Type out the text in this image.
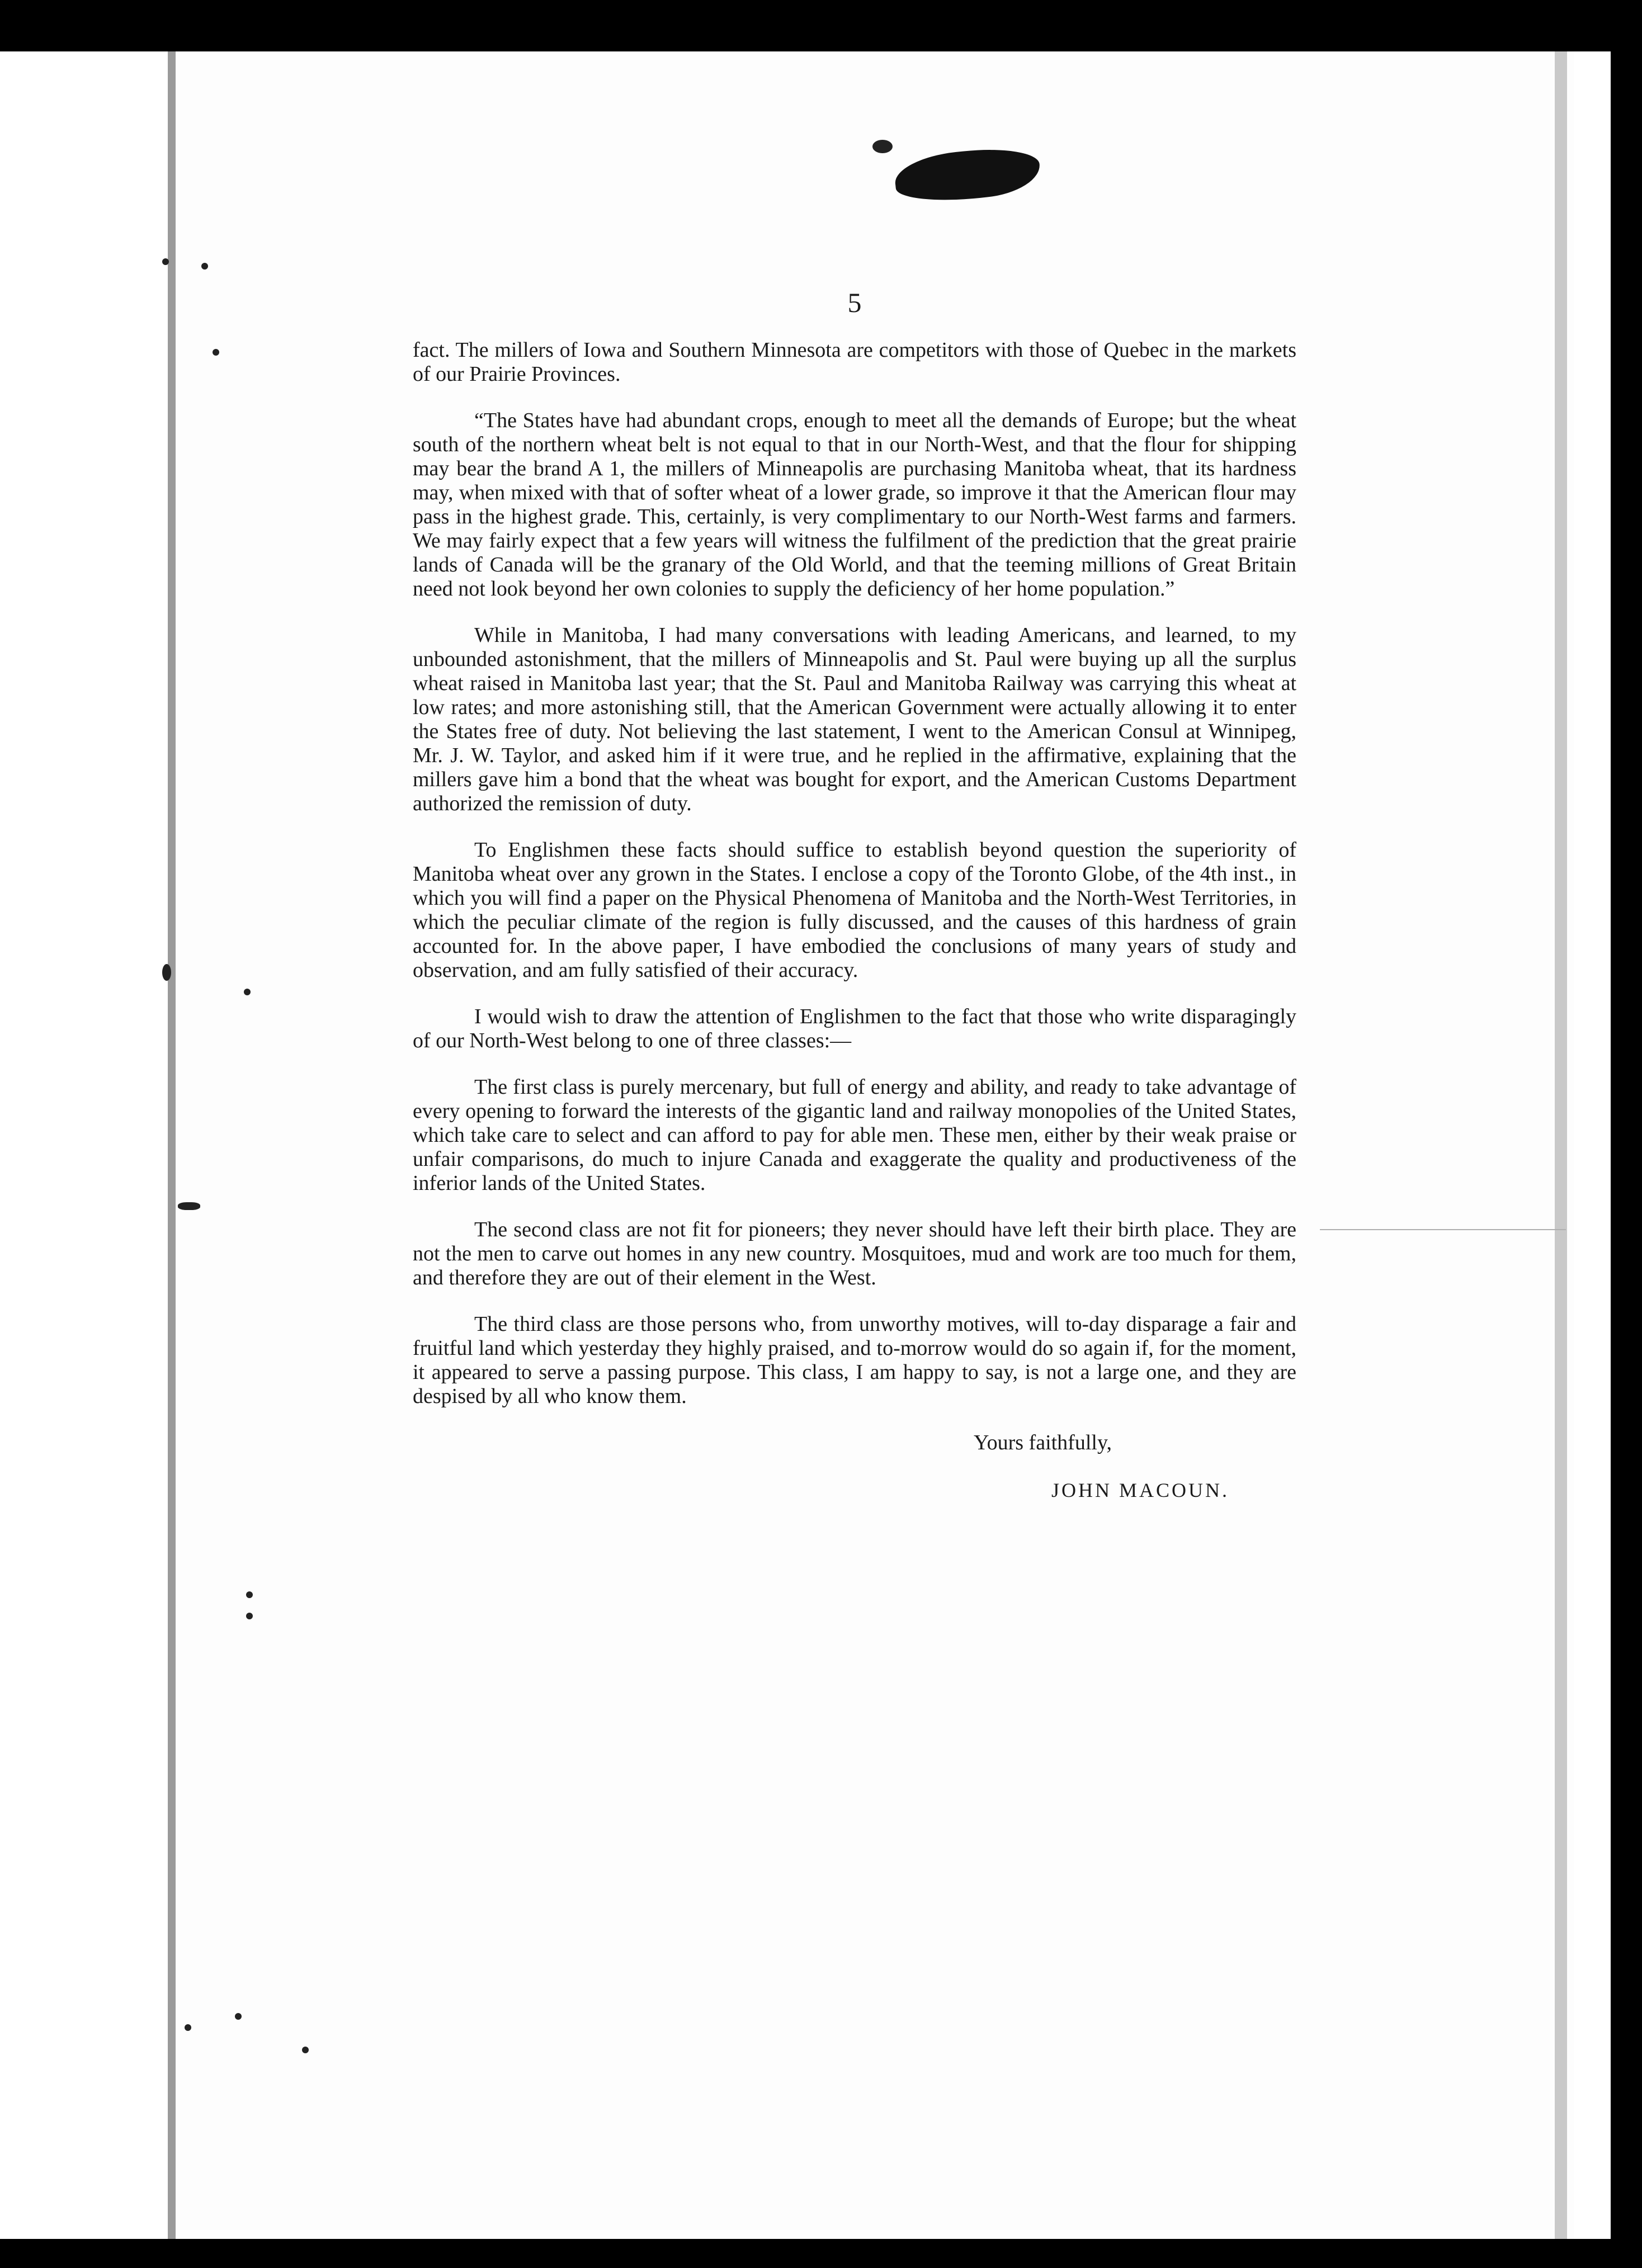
5

fact. The millers of Iowa and Southern Minnesota are competitors with those of Quebec in the markets of our Prairie Provinces.

“The States have had abundant crops, enough to meet all the demands of Europe; but the wheat south of the northern wheat belt is not equal to that in our North-West, and that the flour for shipping may bear the brand A 1, the millers of Minneapolis are purchasing Manitoba wheat, that its hardness may, when mixed with that of softer wheat of a lower grade, so improve it that the American flour may pass in the highest grade. This, certainly, is very complimentary to our North-West farms and farmers. We may fairly expect that a few years will witness the fulfilment of the prediction that the great prairie lands of Canada will be the granary of the Old World, and that the teeming millions of Great Britain need not look beyond her own colonies to supply the deficiency of her home population.”

While in Manitoba, I had many conversations with leading Americans, and learned, to my unbounded astonishment, that the millers of Minneapolis and St. Paul were buying up all the surplus wheat raised in Manitoba last year; that the St. Paul and Manitoba Railway was carrying this wheat at low rates; and more astonishing still, that the American Government were actually allowing it to enter the States free of duty. Not believing the last statement, I went to the American Consul at Winnipeg, Mr. J. W. Taylor, and asked him if it were true, and he replied in the affirmative, explaining that the millers gave him a bond that the wheat was bought for export, and the American Customs Department authorized the remission of duty.

To Englishmen these facts should suffice to establish beyond question the superiority of Manitoba wheat over any grown in the States. I enclose a copy of the Toronto Globe, of the 4th inst., in which you will find a paper on the Physical Phenomena of Manitoba and the North-West Territories, in which the peculiar climate of the region is fully discussed, and the causes of this hardness of grain accounted for. In the above paper, I have embodied the conclusions of many years of study and observation, and am fully satisfied of their accuracy.

I would wish to draw the attention of Englishmen to the fact that those who write disparagingly of our North-West belong to one of three classes:—

The first class is purely mercenary, but full of energy and ability, and ready to take advantage of every opening to forward the interests of the gigantic land and railway monopolies of the United States, which take care to select and can afford to pay for able men. These men, either by their weak praise or unfair comparisons, do much to injure Canada and exaggerate the quality and productiveness of the inferior lands of the United States.

The second class are not fit for pioneers; they never should have left their birth place. They are not the men to carve out homes in any new country. Mosquitoes, mud and work are too much for them, and therefore they are out of their element in the West.

The third class are those persons who, from unworthy motives, will to-day disparage a fair and fruitful land which yesterday they highly praised, and to-morrow would do so again if, for the moment, it appeared to serve a passing purpose. This class, I am happy to say, is not a large one, and they are despised by all who know them.

Yours faithfully,
JOHN MACOUN.
